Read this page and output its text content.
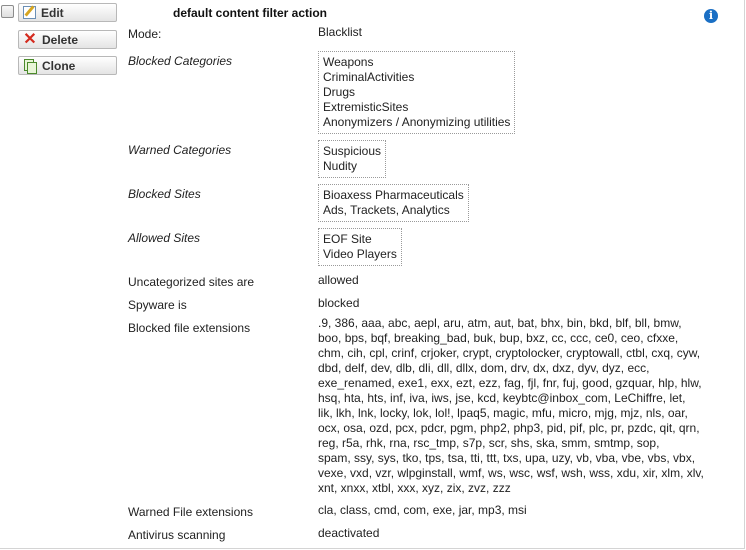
Edit
✕ Delete
Clone
default content filter action	i
Mode:	Blacklist
Blocked Categories	Weapons
CriminalActivities
Drugs
ExtremisticSites
Anonymizers / Anonymizing utilities
Warned Categories	Suspicious
Nudity
Blocked Sites	Bioaxess Pharmaceuticals
Ads, Trackets, Analytics
Allowed Sites	EOF Site
Video Players
Uncategorized sites are	allowed
Spyware is	blocked
Blocked file extensions	.9, 386, aaa, abc, aepl, aru, atm, aut, bat, bhx, bin, bkd, blf, bll, bmw,
boo, bps, bqf, breaking_bad, buk, bup, bxz, cc, ccc, ce0, ceo, cfxxe,
chm, cih, cpl, crinf, crjoker, crypt, cryptolocker, cryptowall, ctbl, cxq, cyw,
dbd, delf, dev, dlb, dli, dll, dllx, dom, drv, dx, dxz, dyv, dyz, ecc,
exe_renamed, exe1, exx, ezt, ezz, fag, fjl, fnr, fuj, good, gzquar, hlp, hlw,
hsq, hta, hts, inf, iva, iws, jse, kcd, keybtc@inbox_com, LeChiffre, let,
lik, lkh, lnk, locky, lok, lol!, lpaq5, magic, mfu, micro, mjg, mjz, nls, oar,
ocx, osa, ozd, pcx, pdcr, pgm, php2, php3, pid, pif, plc, pr, pzdc, qit, qrn,
reg, r5a, rhk, rna, rsc_tmp, s7p, scr, shs, ska, smm, smtmp, sop,
spam, ssy, sys, tko, tps, tsa, tti, ttt, txs, upa, uzy, vb, vba, vbe, vbs, vbx,
vexe, vxd, vzr, wlpginstall, wmf, ws, wsc, wsf, wsh, wss, xdu, xir, xlm, xlv,
xnt, xnxx, xtbl, xxx, xyz, zix, zvz, zzz
Warned File extensions	cla, class, cmd, com, exe, jar, mp3, msi
Antivirus scanning	deactivated
